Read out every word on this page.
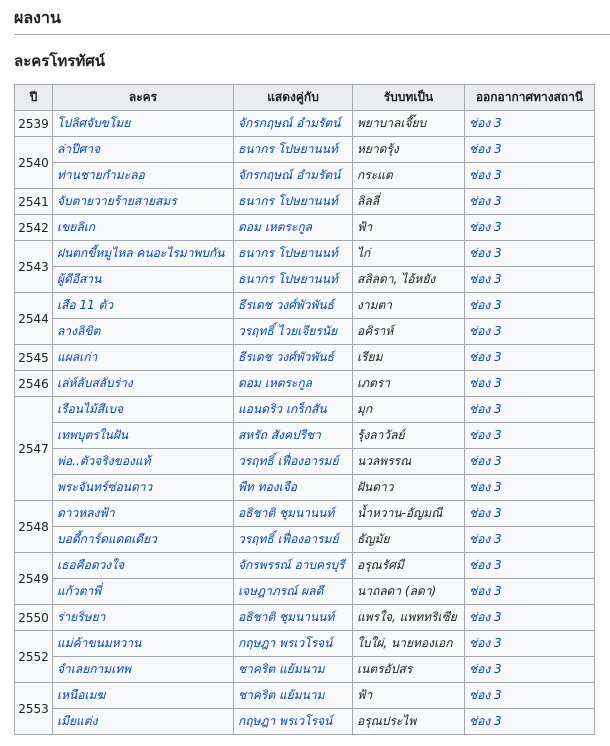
ผลงาน
ละครโทรทัศน์
ปี	ละคร	แสดงคู่กับ	รับบทเป็น	ออกอากาศทางสถานี
2539	โปลิศจับขโมย	จักรกฤษณ์ อำมรัตน์	พยาบาลเจี๊ยบ	ช่อง 3
2540	ล่าปีศาจ	ธนากร โปษยานนท์	หยาดรุ้ง	ช่อง 3
	ท่านชายกำมะลอ	จักรกฤษณ์ อำมรัตน์	กระแต	ช่อง 3
2541	จับตายวายร้ายสายสมร	ธนากร โปษยานนท์	ลิลลี่	ช่อง 3
2542	เขยลิเก	ดอม เหตระกูล	ฟ้า	ช่อง 3
2543	ฝนตกขี้หมูไหล คนอะไรมาพบกัน	ธนากร โปษยานนท์	ไก่	ช่อง 3
	ผู้ดีอีสาน	ธนากร โปษยานนท์	สลิลดา, ไอ้หยัง	ช่อง 3
2544	เสือ 11 ตัว	ธีรเดช วงศ์พัวพันธ์	งามตา	ช่อง 3
	ลางลิขิต	วรฤทธิ์ ไวยเจียรนัย	อคิราห์	ช่อง 3
2545	แผลเก่า	ธีรเดช วงศ์พัวพันธ์	เรียม	ช่อง 3
2546	เล่ห์ลับสลับร่าง	ดอม เหตระกูล	เภตรา	ช่อง 3
2547	เรือนไม้สีเบจ	แอนดริว เกร็กสัน	มุก	ช่อง 3
	เทพบุตรในฝัน	สหรัถ สังคปรีชา	รุ้งลาวัลย์	ช่อง 3
	พ่อ..ตัวจริงของแท้	วรฤทธิ์ เฟื่องอารมย์	นวลพรรณ	ช่อง 3
	พระจันทร์ซ่อนดาว	พีท ทองเจือ	ฝันดาว	ช่อง 3
2548	ดาวหลงฟ้า	อธิชาติ ชุมนานนท์	น้ำหวาน-อัญมณี	ช่อง 3
	บอดี้การ์ดแดดเดียว	วรฤทธิ์ เฟื่องอารมย์	ธัญมัย	ช่อง 3
2549	เธอคือดวงใจ	จักรพรรณ์ อาบครบุรี	อรุณรัศมี	ช่อง 3
	แก้วตาพี่	เจษฎาภรณ์ ผลดี	นาถลดา (ลดา)	ช่อง 3
2550	ร่ายริษยา	อธิชาติ ชุมนานนท์	แพรใจ, แพททริเซีย	ช่อง 3
2552	แม่ค้าขนมหวาน	กฤษฎา พรเวโรจน์	ใบใผ่, นายทองเอก	ช่อง 3
	จำเลยกามเทพ	ชาคริต แย้มนาม	เนตรอัปสร	ช่อง 3
2553	เหนือเมฆ	ชาคริต แย้มนาม	ฟ้า	ช่อง 3
	เมียแต่ง	กฤษฎา พรเวโรจน์	อรุณประไพ	ช่อง 3
